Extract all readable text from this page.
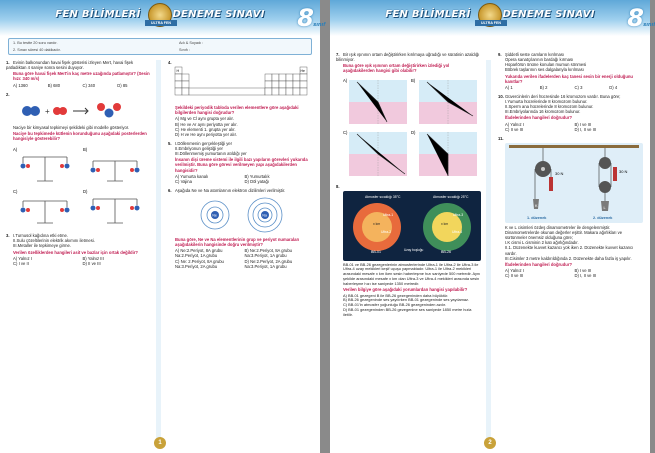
FEN BİLİMLERİ	DENEME SINAVI
ULTRA FEN	8 sınıf
1. Bu testte 20 soru vardır.
2. Sınav süresi 40 dakikadır.
Adı & Soyadı :
Sınıfı :
1. Evinin balkonundan havai fişek gösterisi izleyen Mert, havai fişek patladıktan 4 saniye sonra sesini duyuyor.
Buna göre havai fişek Mert'in kaç metre uzağında patlamıştır? (Sesin hızı: 340 m/s)
A) 1360	B) 680	C) 340	D) 85
2.
+
Naciye bir kimyasal tepkimeyi şekildeki gibi modelle gösteriyor.
Naciye bu tepkimede kütlenin korunduğunu aşağıdaki posterlerden hangisiyle gösterebilir?
A)	B)
C)	D)
3. I.Turnusol kağıdına etki etme.
II.Sulu çözeltilerinin elektrik akımını iletmesi.
III.Metaller ile tepkimeye girme.
Verilen özelliklerden hangileri asit ve bazlar için ortak değildir?
A) Yalnız I	B) Yalnız III
C) I ve II	D) II ve III
4.
H	He
Şekildeki periyodik tabloda verilen elementlere göre aşağıdaki bilgilerden hangisi doğrudur?
A) Mg ve Cl aynı grupta yer alır.
B) He ve Ar aynı periyotta yer alır.
C) He elementi 1. grupta yer alır.
D) H ve He aynı periyotta yer alır.
5. I.Döllenmenin gerçekleştiği yer
II.Embriyonun geliştiği yer
III.Döllenmemiş yumurtanın atıldığı yer
İnsanın dişi üreme sistemi ile ilgili bazı yapıların görevleri yukarıda verilmiştir. Buna göre görevi verilmeyen yapı aşağıdakilerden hangisidir?
A) Yumurta kanalı	B) Yumurtalık
C) Vajina	D) Döl yatağı
6. Aşağıda Ne ve Na atomlarının elektron dizilimleri verilmiştir.
Ne	Na
Buna göre, Ne ve Na elementlerinin grup ve periyot numaraları aşağıdakilerin hangisinde doğru verilmiştir?
A) Ne:2.Periyot, 8A grubu Na:2.Periyot, 1A grubu
B) Ne:2.Periyot, 8A grubu Na:3.Periyot, 1A grubu
C) Ne: 2.Periyot, 8A grubu Na:3.Periyot, 2A grubu
D) Ne:2.Periyot, 2A grubu Na:3.Periyot, 1A grubu
1
FEN BİLİMLERİ	DENEME SINAVI
ULTRA FEN	8 sınıf
7. Bir ışık ışınının ortam değiştirirken kırılmaya uğradığı ve süratinin azaldığı bilinmiyor.
Buna göre ışık ışınının ortam değiştirirken izlediği yol aşağıdakilerden hangisi gibi olabilir?
A)	B)
C)	D)
8.
Atmosfer sıcaklığı 35°C	Atmosfer sıcaklığı 25°C
Ultra-1	Ultra-3
Ultra-2	Ultra-4
x km	x km
BB-01	BB-26
Uzay boşluğu
BB-01 ve BB-26 gezegenlerinin atmosferlerinde Ultra-1 ile Ultra-2 ile Ultra-3 ile Ultra-4 uzay mekikleri keşif uçuşu yapmaktadır. Ultra-1 ile Ultra-2 mekikleri arasındaki mesafe x km iken sesin haberleşme hızı saniyede 500 metredir. Aynı şekilde arasındaki mesafe x km olan Ultra-3 ve Ultra-4 mekikleri arasında sesin haberleşme hızı ise saniyede 1350 metredir.
Verilen bilgiye göre aşağıdaki yorumlardan hangisi yapılabilir?
A) BB-01 gezegeni B ile BB-26 gezegeninden daha büyüktür.
B) BB-26 gezegeninde ses yayılırken BB-01 gezegeninde ses yayılamaz.
C) BB-01'in atmosfer yoğunluğu BB-26 gezegeninden azdır.
D) BB-01 gezegeninden BB-26 gezegenine ses saniyede 1850 metre hızla iletilir.
9. Şiddetli seste camların kırılması
Opera sanatçılarının bardağı kırması
Hoparlörün önüne konulan mumun sönmesi
Böbrek taşlarının ses dalgalarıyla kırılması
Yukarıda verilen ifadelerden kaç tanesi sesin bir enerji olduğunu kanıtlar?
A) 1	B) 2	C) 3	D) 4
10.Güvercinlerin deri hücresinde 16 kromozom vardır. Buna göre;
I.Yumurta hücrelerinde 8 kromozom bulunur.
II.Sperm ana hücrelerinde 8 kromozom bulunur.
III.Embriyolarında 16 kromozom bulunur.
İfadelerinden hangileri doğrudur?
A) Yalnız I	B) I ve III
C) II ve III	D) I, II ve III
11.
30 N	30 N
K	L
1. düzenek	2. düzenek
K ve L cisimleri özdeş dinamometreler ile dengelenmiştir. Dinamometrelerde okunan değerler eşittir. Makara ağırlıkları ve sürtünmeler önemsiz olduğuna göre;
I.K cismi L cisminin 2 katı ağırlığındadır.
II.1. Düzenekte kuvvet kazancı yok iken 2. Düzenekte kuvvet kazancı vardır.
III.Cisimler 3 metre kaldırıldığında 2. Düzenekte daha fazla iş yapılır.
İfadelerinden hangileri doğrudur?
A) Yalnız I	B) I ve III
C) II ve III	D) I, II ve III
2
